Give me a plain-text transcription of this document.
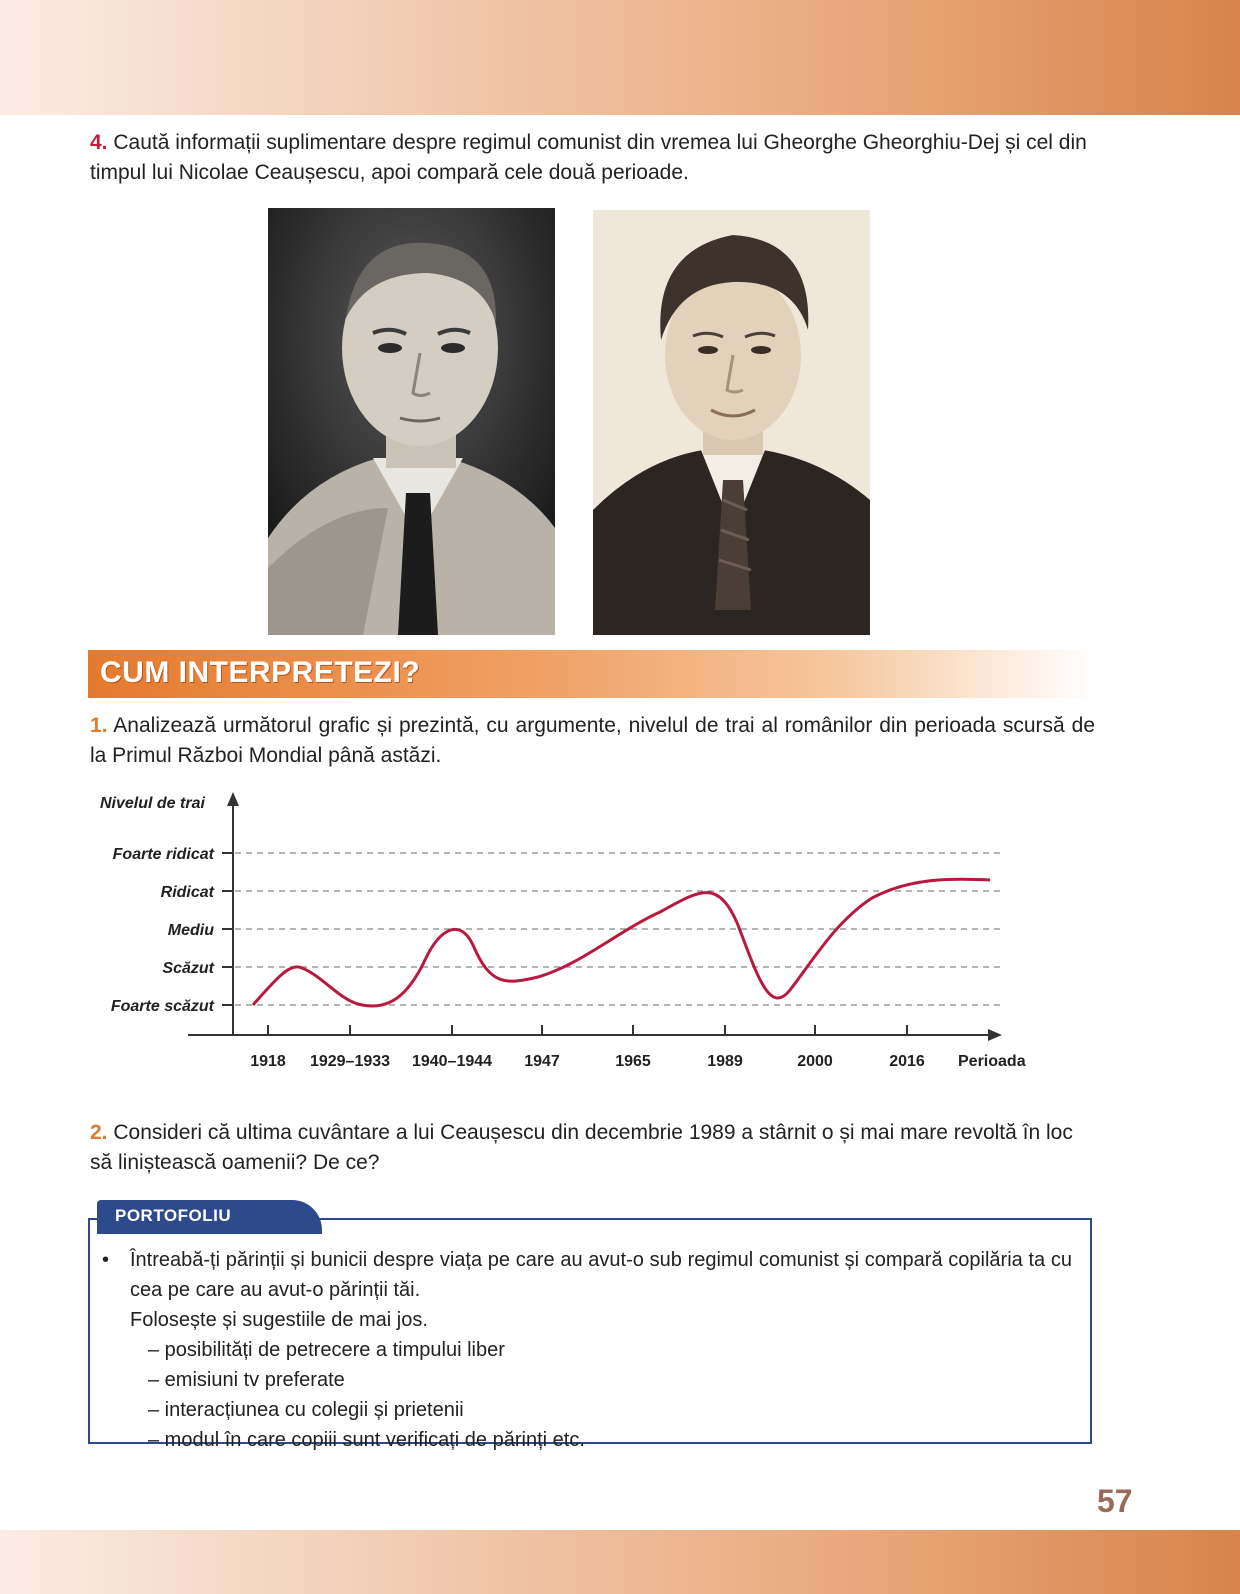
4. Caută informații suplimentare despre regimul comunist din vremea lui Gheorghe Gheorghiu-Dej și cel din timpul lui Nicolae Ceaușescu, apoi compară cele două perioade.
CUM INTERPRETEZI?
1. Analizează următorul grafic și prezintă, cu argumente, nivelul de trai al românilor din perioada scursă de la Primul Război Mondial până astăzi.
Nivelul de trai
Foarte scăzut
Scăzut
Mediu
Ridicat
Foarte ridicat
1918 1929–1933 1940–1944 1947	1965	1989	2000	2016 Perioada
2. Consideri că ultima cuvântare a lui Ceaușescu din decembrie 1989 a stârnit o și mai mare revoltă în loc să liniștească oamenii? De ce?
PORTOFOLIU
•	Întreabă-ți părinții și bunicii despre viața pe care au avut-o sub regimul comunist și compară copilăria ta cu cea pe care au avut-o părinții tăi.
Folosește și sugestiile de mai jos.
– posibilități de petrecere a timpului liber
– emisiuni tv preferate
– interacțiunea cu colegii și prietenii
– modul în care copiii sunt verificați de părinți etc.
57
